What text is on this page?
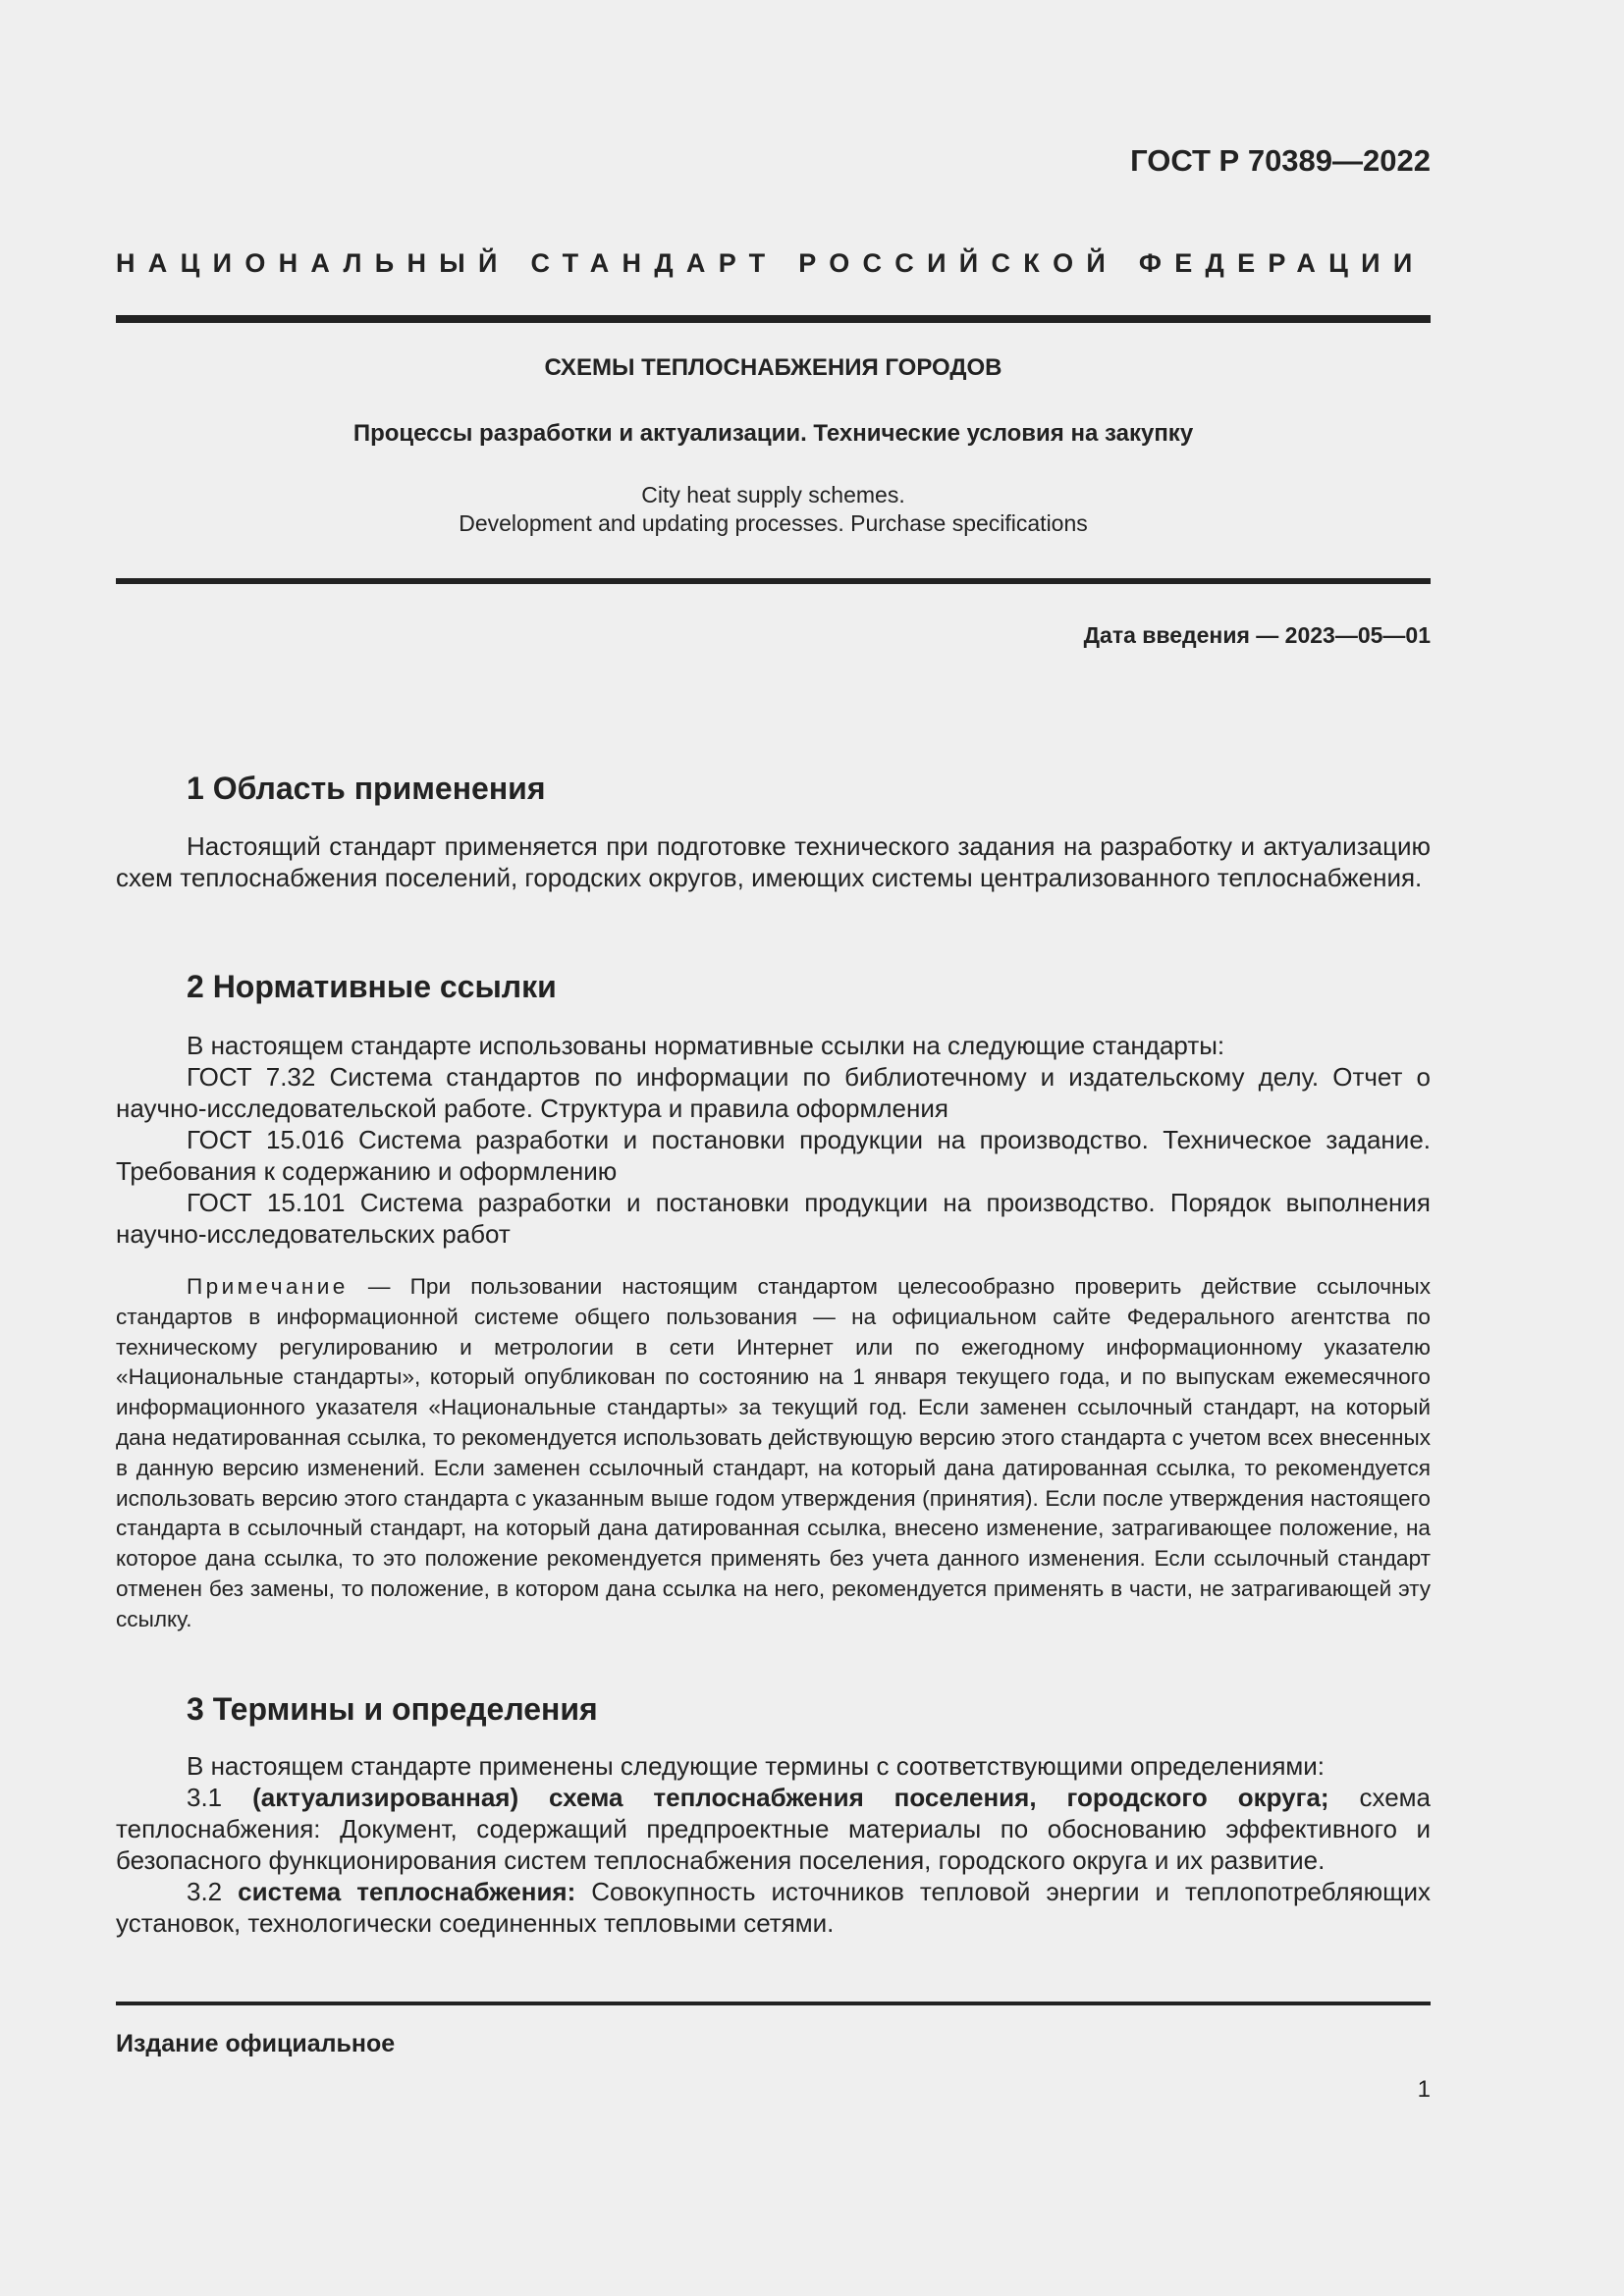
ГОСТ Р 70389—2022
НАЦИОНАЛЬНЫЙ СТАНДАРТ РОССИЙСКОЙ ФЕДЕРАЦИИ
СХЕМЫ ТЕПЛОСНАБЖЕНИЯ ГОРОДОВ
Процессы разработки и актуализации. Технические условия на закупку
City heat supply schemes.
Development and updating processes. Purchase specifications
Дата введения — 2023—05—01
1 Область применения

Настоящий стандарт применяется при подготовке технического задания на разработку и актуализацию схем теплоснабжения поселений, городских округов, имеющих системы централизованного теплоснабжения.

2 Нормативные ссылки

В настоящем стандарте использованы нормативные ссылки на следующие стандарты:

ГОСТ 7.32 Система стандартов по информации по библиотечному и издательскому делу. Отчет о научно-исследовательской работе. Структура и правила оформления

ГОСТ 15.016 Система разработки и постановки продукции на производство. Техническое задание. Требования к содержанию и оформлению

ГОСТ 15.101 Система разработки и постановки продукции на производство. Порядок выполнения научно-исследовательских работ

Примечание — При пользовании настоящим стандартом целесообразно проверить действие ссылочных стандартов в информационной системе общего пользования — на официальном сайте Федерального агентства по техническому регулированию и метрологии в сети Интернет или по ежегодному информационному указателю «Национальные стандарты», который опубликован по состоянию на 1 января текущего года, и по выпускам ежемесячного информационного указателя «Национальные стандарты» за текущий год. Если заменен ссылочный стандарт, на который дана недатированная ссылка, то рекомендуется использовать действующую версию этого стандарта с учетом всех внесенных в данную версию изменений. Если заменен ссылочный стандарт, на который дана датированная ссылка, то рекомендуется использовать версию этого стандарта с указанным выше годом утверждения (принятия). Если после утверждения настоящего стандарта в ссылочный стандарт, на который дана датированная ссылка, внесено изменение, затрагивающее положение, на которое дана ссылка, то это положение рекомендуется применять без учета данного изменения. Если ссылочный стандарт отменен без замены, то положение, в котором дана ссылка на него, рекомендуется применять в части, не затрагивающей эту ссылку.

3 Термины и определения

В настоящем стандарте применены следующие термины с соответствующими определениями:

3.1 (актуализированная) схема теплоснабжения поселения, городского округа; схема теплоснабжения: Документ, содержащий предпроектные материалы по обоснованию эффективного и безопасного функционирования систем теплоснабжения поселения, городского округа и их развитие.

3.2 система теплоснабжения: Совокупность источников тепловой энергии и теплопотребляющих установок, технологически соединенных тепловыми сетями.

Издание официальное
1
